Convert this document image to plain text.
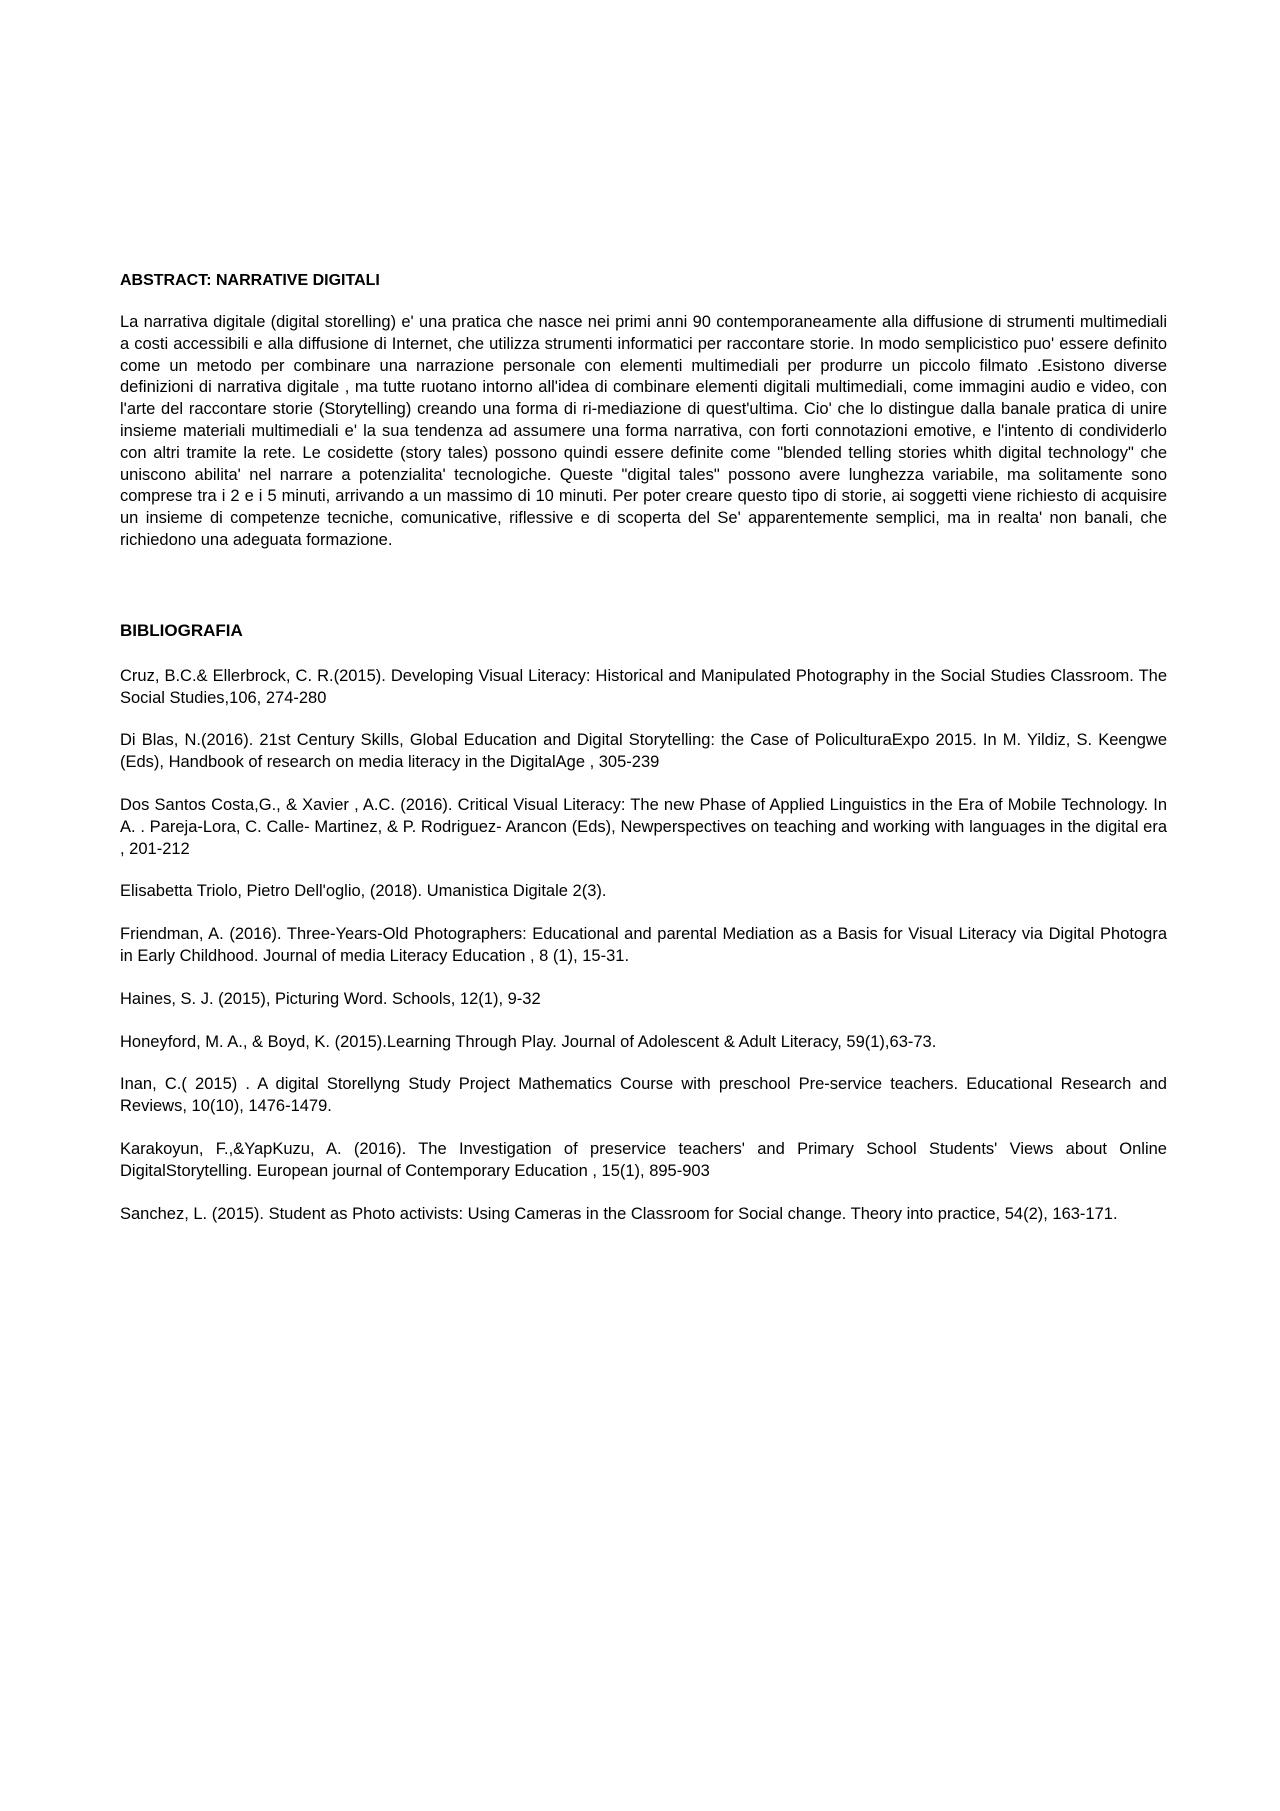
ABSTRACT: NARRATIVE DIGITALI

La narrativa digitale (digital storelling) e' una pratica che nasce nei primi anni 90 contemporaneamente alla diffusione di strumenti multimediali a costi accessibili e alla diffusione di Internet, che utilizza strumenti informatici per raccontare storie. In modo semplicistico puo' essere definito come un metodo per combinare una narrazione personale con elementi multimediali per produrre un piccolo filmato .Esistono diverse definizioni di narrativa digitale , ma tutte ruotano intorno all'idea di combinare elementi digitali multimediali, come immagini audio e video, con l'arte del raccontare storie (Storytelling) creando una forma di ri-mediazione di quest'ultima. Cio' che lo distingue dalla banale pratica di unire insieme materiali multimediali e' la sua tendenza ad assumere una forma narrativa, con forti connotazioni emotive, e l'intento di condividerlo con altri tramite la rete. Le cosidette (story tales) possono quindi essere definite come "blended telling stories whith digital technology" che uniscono abilita' nel narrare a potenzialita' tecnologiche. Queste "digital tales" possono avere lunghezza variabile, ma solitamente sono comprese tra i 2 e i 5 minuti, arrivando a un massimo di 10 minuti. Per poter creare questo tipo di storie, ai soggetti viene richiesto di acquisire un insieme di competenze tecniche, comunicative, riflessive e di scoperta del Se' apparentemente semplici, ma in realta' non banali, che richiedono una adeguata formazione.

BIBLIOGRAFIA
Cruz, B.C.& Ellerbrock, C. R.(2015). Developing Visual Literacy: Historical and Manipulated Photography in the Social Studies Classroom. The Social Studies,106, 274-280
Di Blas, N.(2016). 21st Century Skills, Global Education and Digital Storytelling: the Case of Policult​uraExpo 2015. In M. Yildiz, S. Keengwe (Eds), Handbook of research on media literacy in the DigitalAge , 305-239
Dos Santos Costa,G., & Xavier , A.C. (2016). Critical Visual Literacy: The new Phase of Applied Linguistics in the Era of Mobile Technology. In A. . Pareja-Lora, C. Calle- Martinez, & P. Rodriguez- Arancon (Eds), Newperspectives on teaching and working with languages in the digital era , 201-212
Elisabetta Triolo, Pietro Dell'oglio, (2018). Umanistica Digitale 2(3).
Friendman, A. (2016). Three-Years-Old Photographers: Educational and parental Mediation as a Basis for Visual Literacy via Digital Photogra in Early Childhood. Journal of media Literacy Education , 8 (1), 15-31.
Haines, S. J. (2015), Picturing Word. Schools, 12(1), 9-32
Honeyford, M. A., & Boyd, K. (2015).Learning Through Play. Journal of Adolescent & Adult Literacy, 59(1),63-73.
Inan, C.( 2015) . A digital Storellyng Study Project Mathematics Course with preschool Pre-service teachers. Educational Research and Reviews, 10(10), 1476-1479.
Karakoyun, F.,&YapKuzu, A. (2016). The Investigation of preservice teachers' and Primary School Students' Views about Online DigitalStorytelling. European journal of Contemporary Education , 15(1), 895-903
Sanchez, L. (2015). Student as Photo activists: Using Cameras in the Classroom for Social change. Theory into practice, 54(2), 163-171.
